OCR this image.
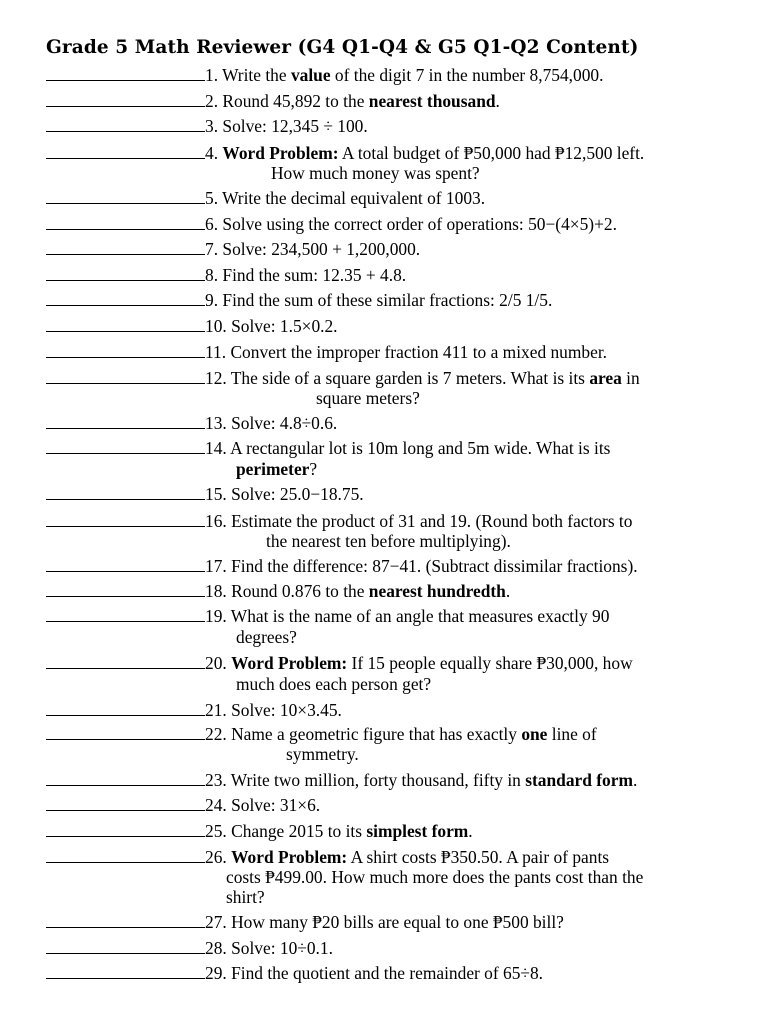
Grade 5 Math Reviewer (G4 Q1-Q4 & G5 Q1-Q2 Content)
1. Write the value of the digit 7 in the number 8,754,000.
2. Round 45,892 to the nearest thousand.
3. Solve: 12,345 ÷ 100.
4. Word Problem: A total budget of ₱50,000 had ₱12,500 left.
How much money was spent?
5. Write the decimal equivalent of 1003.
6. Solve using the correct order of operations: 50−(4×5)+2.
7. Solve: 234,500 + 1,200,000.
8. Find the sum: 12.35 + 4.8.
9. Find the sum of these similar fractions: 2/5 1/5.
10. Solve: 1.5×0.2.
11. Convert the improper fraction 411 to a mixed number.
12. The side of a square garden is 7 meters. What is its area in
square meters?
13. Solve: 4.8÷0.6.
14. A rectangular lot is 10m long and 5m wide. What is its
perimeter?
15. Solve: 25.0−18.75.
16. Estimate the product of 31 and 19. (Round both factors to
the nearest ten before multiplying).
17. Find the difference: 87−41. (Subtract dissimilar fractions).
18. Round 0.876 to the nearest hundredth.
19. What is the name of an angle that measures exactly 90
degrees?
20. Word Problem: If 15 people equally share ₱30,000, how
much does each person get?
21. Solve: 10×3.45.
22. Name a geometric figure that has exactly one line of
symmetry.
23. Write two million, forty thousand, fifty in standard form.
24. Solve: 31×6.
25. Change 2015 to its simplest form.
26. Word Problem: A shirt costs ₱350.50. A pair of pants
costs ₱499.00. How much more does the pants cost than the
shirt?
27. How many ₱20 bills are equal to one ₱500 bill?
28. Solve: 10÷0.1.
29. Find the quotient and the remainder of 65÷8.
